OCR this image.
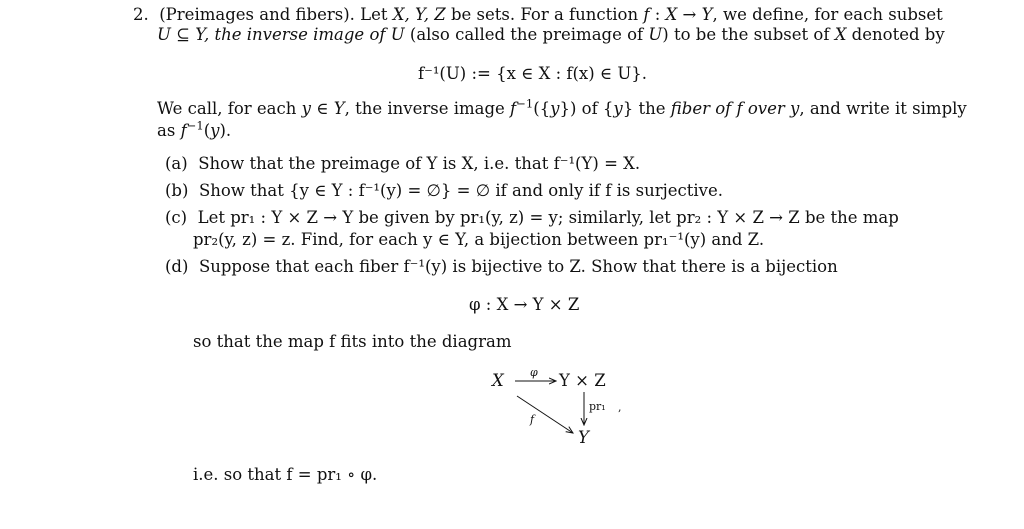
2. (Preimages and fibers). Let X, Y, Z be sets. For a function f : X → Y, we define, for each subset
U ⊆ Y, the inverse image of U (also called the preimage of U) to be the subset of X denoted by
f⁻¹(U) := {x ∈ X : f(x) ∈ U}.
We call, for each y ∈ Y, the inverse image $f^{-1}(\{y\})$ of {y} the fiber of f over y, and write it simply
as $f^{-1}(y)$.
(a) Show that the preimage of Y is X, i.e. that f⁻¹(Y) = X.
(b) Show that {y ∈ Y : f⁻¹(y) = ∅} = ∅ if and only if f is surjective.
(c) Let pr₁ : Y × Z → Y be given by pr₁(y, z) = y; similarly, let pr₂ : Y × Z → Z be the map
pr₂(y, z) = z. Find, for each y ∈ Y, a bijection between pr₁⁻¹(y) and Z.
(d) Suppose that each fiber f⁻¹(y) is bijective to Z. Show that there is a bijection
φ : X → Y × Z
so that the map f fits into the diagram
X	Y × Z
Y
φ
f
pr₁ ,
i.e. so that f = pr₁ ∘ φ.
